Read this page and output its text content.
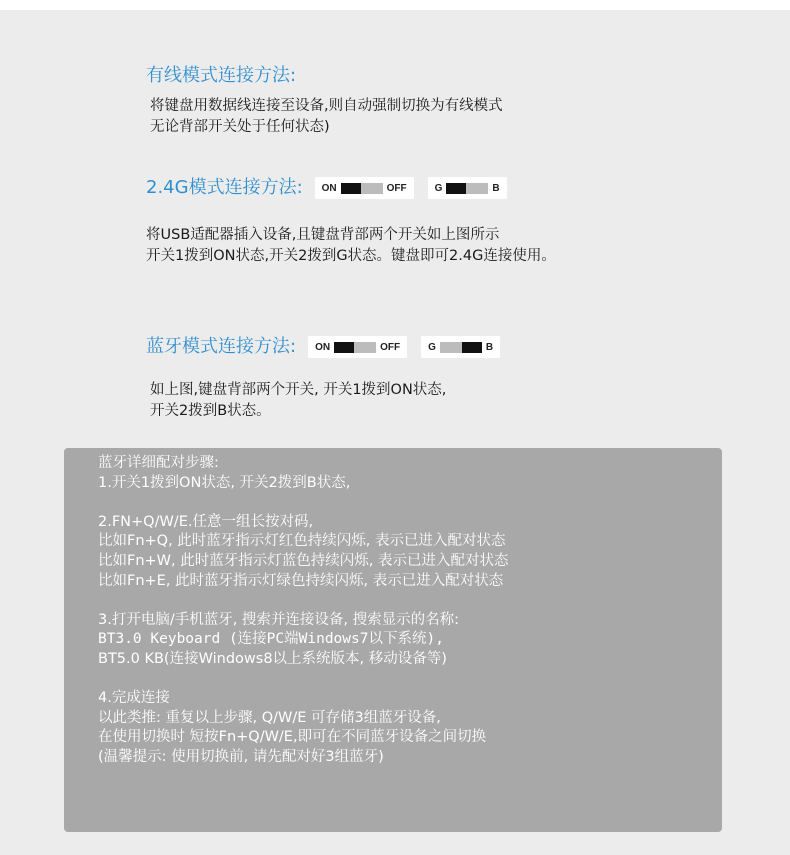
有线模式连接方法:
将键盘用数据线连接至设备,则自动强制切换为有线模式
无论背部开关处于任何状态)
2.4G模式连接方法: ON	OFF	G	B
将USB适配器插入设备,且键盘背部两个开关如上图所示
开关1拨到ON状态,开关2拨到G状态。键盘即可2.4G连接使用。
蓝牙模式连接方法: ON	OFF	G	B
如上图,键盘背部两个开关, 开关1拨到ON状态,
开关2拨到B状态。
蓝牙详细配对步骤:
1.开关1拨到ON状态, 开关2拨到B状态,
2.FN+Q/W/E.任意一组长按对码,
比如Fn+Q, 此时蓝牙指示灯红色持续闪烁, 表示已进入配对状态
比如Fn+W, 此时蓝牙指示灯蓝色持续闪烁, 表示已进入配对状态
比如Fn+E, 此时蓝牙指示灯绿色持续闪烁, 表示已进入配对状态
3.打开电脑/手机蓝牙, 搜索并连接设备, 搜索显示的名称:
BT3.0 Keyboard (连接PC端Windows7以下系统),
BT5.0 KB(连接Windows8以上系统版本, 移动设备等)
4.完成连接
以此类推: 重复以上步骤, Q/W/E 可存储3组蓝牙设备,
在使用切换时 短按Fn+Q/W/E,即可在不同蓝牙设备之间切换
(温馨提示: 使用切换前, 请先配对好3组蓝牙)
